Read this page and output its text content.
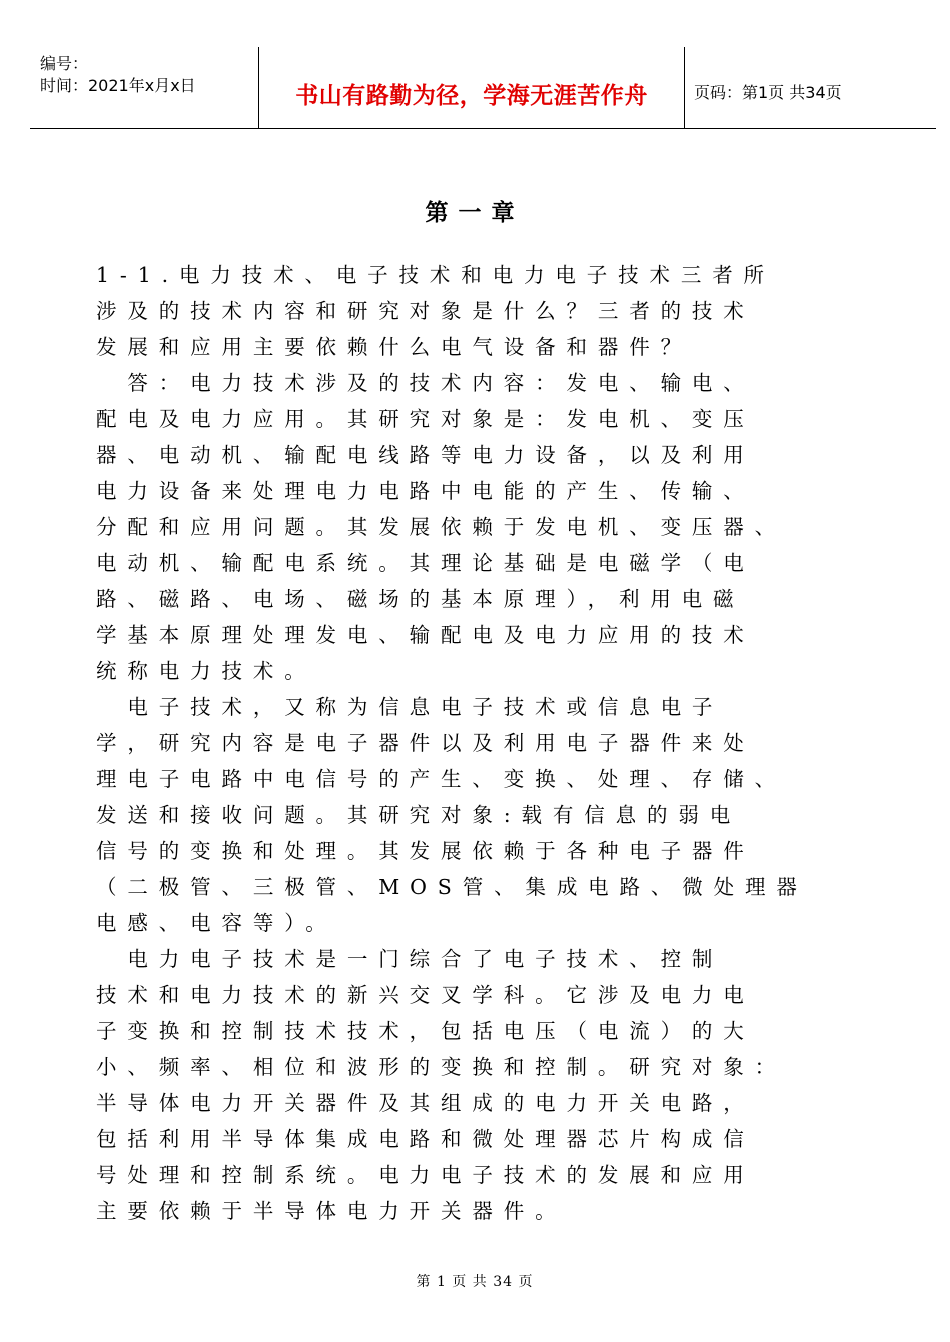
编号：
时间：2021年x月x日	书山有路勤为径，学海无涯苦作舟	页码：第1页 共34页
第一章
1-1.电力技术、电子技术和电力电子技术三者所
涉及的技术内容和研究对象是什么？三者的技术
发展和应用主要依赖什么电气设备和器件？
　答：电力技术涉及的技术内容：发电、输电、
配电及电力应用。其研究对象是：发电机、变压
器、电动机、输配电线路等电力设备，以及利用
电力设备来处理电力电路中电能的产生、传输、
分配和应用问题。其发展依赖于发电机、变压器、
电动机、输配电系统。其理论基础是电磁学（电
路、磁路、电场、磁场的基本原理），利用电磁
学基本原理处理发电、输配电及电力应用的技术
统称电力技术。
　电子技术，又称为信息电子技术或信息电子
学，研究内容是电子器件以及利用电子器件来处
理电子电路中电信号的产生、变换、处理、存储、
发送和接收问题。其研究对象:载有信息的弱电
信号的变换和处理。其发展依赖于各种电子器件
（二极管、三极管、MOS管、集成电路、微处理器
电感、电容等）。
　电力电子技术是一门综合了电子技术、控制
技术和电力技术的新兴交叉学科。它涉及电力电
子变换和控制技术技术，包括电压（电流）的大
小、频率、相位和波形的变换和控制。研究对象：
半导体电力开关器件及其组成的电力开关电路，
包括利用半导体集成电路和微处理器芯片构成信
号处理和控制系统。电力电子技术的发展和应用
主要依赖于半导体电力开关器件。
第 1 页 共 34 页
